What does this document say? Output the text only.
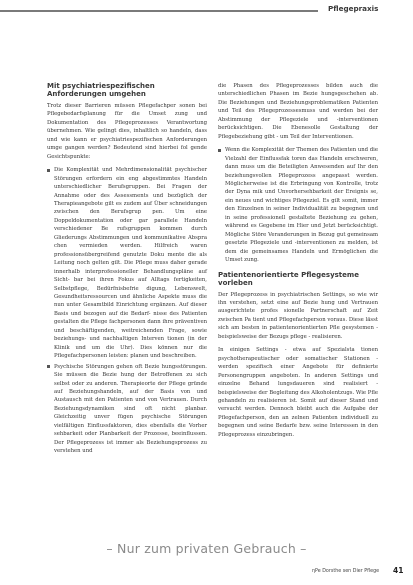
Pflegepraxis
Mit psychiatriespezifischen
Anforderungen umgehen

Trotz dieser Barrieren müssen Pflegefachper sonen bei Pflegebedarfsplanung für die Umset zung und Dokumentation des Pflegeprozesses Verantwortung übernehmen. Wie gelingt dies, inhaltlich so handeln, dass und wie kann er psychiatriespezifischen Anforderungen umge gangen werden? Bedeutend sind hierbei fol gende Gesichtspunkte:

Die Komplexität und Mehrdimensionalität psychischer Störungen erfordern ein eng abgestimmtes Handeln unterschiedlicher Berufsgruppen. Bei Fragen der Annahme oder des Assessments und bezüglich der Therapieangebote gilt es zudem auf Über schneidungen zwischen den Berufsgrup pen. Um eine Doppeldokumentation oder gar parallele Handeln verschiedener Be rufsgruppen kommen durch Gliederungs Abstimmungen und kommunikative Abspra chen vermieden werden. Hilfreich waren professionsübergreifend genutzte Doku mente die als Leitung noch gelten gilt. Die Pflege muss daher gerade innerhalb interprofessioneller Behandlungspläne auf Sicht- bar bei ihren Fokus auf Alltags fertigkeiten, Selbstpflege, Bedürfnisbefrie digung, Lebenswelt, Gesundheitsressourcen und ähnliche Aspekte muss die nun unter Gesamtbild Einrichtung ergänzen. Auf dieser Basis und bezogen auf die Bedarf- nisse des Patienten gestalten die Pflege fachpersonen dann ihre präventiven und beschäftigenden, weitreichenden Frage, sowie beziehungs- und nachhaltigen Interven tionen (in der Klinik und um die Uhr). Dies können nur die Pflegefachpersonen leisten: planen und beschreiben.
Psychische Störungen gehen oft Bezie hungsstörungen. Sie müssen die Bezie hung der Betroffenen zu sich selbst oder zu anderen. Therapieorte der Pflege gründe auf Beziehungshandeln, auf der Basis von und Austausch mit den Patienten und von Vertrauen. Durch Beziehungsdynamiken sind oft nicht planbar. Gleichzeitig unver fügen psychische Störungen vielfältigen Einflussfaktoren, dies ebenfalls die Vorher sehbarkeit oder Planbarkeit der Prozesse, beeinflussen. Der Pflegeprozess ist immer als Beziehungsprozess zu verstehen und

die Phasen des Pflegeprozesses bilden auch die unterschiedlichen Phasen im Bezie hungsgeschehen ab. Die Beziehungen und Beziehungsproblematiken Patienten und Teil des Pflegeprozessesmuss und werden bei der Abstimmung der Pflegeziele und -interventionen berücksichtigen. Die Ebenesolle Gestaltung der Pflegebeziehung gibt - um Teil der Interventionen.

Wenn die Komplexität der Themen des Patienten und die Vielzahl der Einflussfak toren das Handeln erschweren, dann muss um die Beteiligten Anwesenden auf Ihr den beziehungsvollen Pflegeprozess angepasst werden. Möglicherweise ist die Erbringung von Kontrolle, trotz der Dyna mik und Unvorhersehbarkeit der Ereignis se, ein neues und wichtiges Pflegeziel. Es gilt somit, immer den Einzelnen in seiner Individualität zu begegnen und in seine professionell gestaltete Beziehung zu gehen, während es Gegebene im Hier und Jetzt berücksichtigt. Mögliche Störe Veranderungen in Bezug gut gemeinsam gesetzte Pflegeziele und -interventionen zu melden, ist dem die gemeinsames Handeln und Ermöglichen die Umset zung.
Patientenorientierte Pflegesysteme
vorleben

Der Pflegeprozess in psychiatrischen Settings, so wie wir ihn verstehen, setzt eine auf Bezie hung und Vertrauen ausgerichtete profes sionelle Partnerschaft auf Zeit zwischen Pa tient und Pflegefachperson voraus. Diese lässt sich am besten in patientenorientierten Pfle gesystemen - beispielsweise der Bezugs pflege - realisieren.

In einigen Settings - etwa auf Spezialsta tionen psychotherapeutischer oder somatischer Stationen - werden spezifisch einer Angebote für definierte Personengruppen angeboten. In anderen Settings und einzelne Behand lungsdaueren sind realisiert - beispielsweise der Begleitung des Alkoholentzugs. Wie Pfle gehandeln zu realisieren ist. Somit auf dieser Stand und versucht werden. Dennoch bleibt auch die Aufgabe der Pflegefachperson, den an zelnen Patienten individuell zu begegnen und seine Bedarfe bzw. seine Interessen in den Pflegeprozess einzubringen.

– Nur zum privaten Gebrauch –
ηPe Dorsthe sen Dier Pflege 41
